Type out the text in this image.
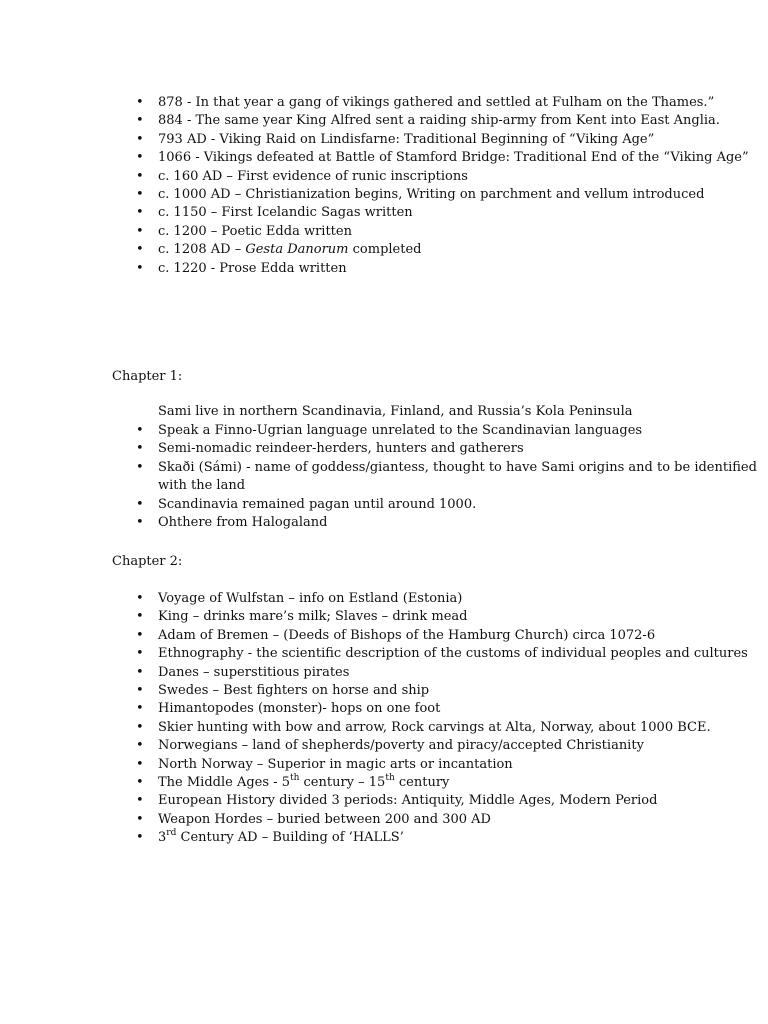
• 878 - In that year a gang of vikings gathered and settled at Fulham on the Thames.”
• 884 - The same year King Alfred sent a raiding ship-army from Kent into East Anglia.
• 793 AD - Viking Raid on Lindisfarne: Traditional Beginning of “Viking Age”
• 1066 - Vikings defeated at Battle of Stamford Bridge: Traditional End of the “Viking Age”
• c. 160 AD – First evidence of runic inscriptions
• c. 1000 AD – Christianization begins, Writing on parchment and vellum introduced
• c. 1150 – First Icelandic Sagas written
• c. 1200 – Poetic Edda written
• c. 1208 AD – Gesta Danorum completed
• c. 1220 - Prose Edda written
Chapter 1:
Sami live in northern Scandinavia, Finland, and Russia’s Kola Peninsula
• Speak a Finno-Ugrian language unrelated to the Scandinavian languages
• Semi-nomadic reindeer-herders, hunters and gatherers
• Skaði (Sámi) - name of goddess/giantess, thought to have Sami origins and to be identified with the land
• Scandinavia remained pagan until around 1000.
• Ohthere from Halogaland
Chapter 2:
• Voyage of Wulfstan – info on Estland (Estonia)
• King – drinks mare’s milk; Slaves – drink mead
• Adam of Bremen – (Deeds of Bishops of the Hamburg Church) circa 1072-6
• Ethnography - the scientific description of the customs of individual peoples and cultures
• Danes – superstitious pirates
• Swedes – Best fighters on horse and ship
• Himantopodes (monster)- hops on one foot
• Skier hunting with bow and arrow, Rock carvings at Alta, Norway, about 1000 BCE.
• Norwegians – land of shepherds/poverty and piracy/accepted Christianity
• North Norway – Superior in magic arts or incantation
• The Middle Ages - 5th century – 15th century
• European History divided 3 periods: Antiquity, Middle Ages, Modern Period
• Weapon Hordes – buried between 200 and 300 AD
• 3rd Century AD – Building of ‘HALLS’
